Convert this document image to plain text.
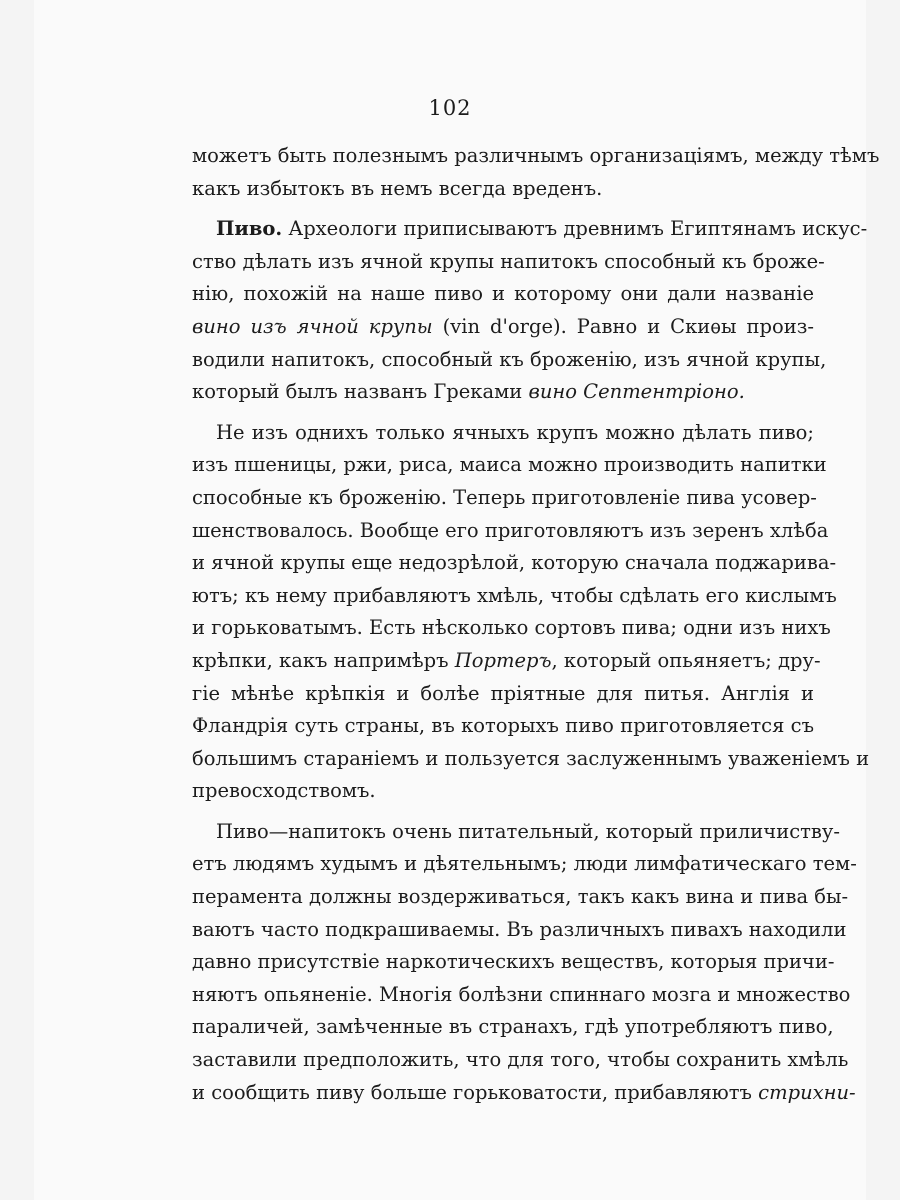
102
можетъ быть полезнымъ различнымъ организаціямъ, между тѣмъ
какъ избытокъ въ немъ всегда вреденъ.
Пиво. Археологи приписываютъ древнимъ Египтянамъ искус-
ство дѣлать изъ ячной крупы напитокъ способный къ броже-
нію, похожій на наше пиво и которому они дали названіе
вино изъ ячной крупы (vin d'orge). Равно и Скиѳы произ-
водили напитокъ, способный къ броженію, изъ ячной крупы,
который былъ названъ Греками вино Септентріоно.
Не изъ однихъ только ячныхъ крупъ можно дѣлать пиво;
изъ пшеницы, ржи, риса, маиса можно производить напитки
способные къ броженію. Теперь приготовленіе пива усовер-
шенствовалось. Вообще его приготовляютъ изъ зеренъ хлѣба
и ячной крупы еще недозрѣлой, которую сначала поджарива-
ютъ; къ нему прибавляютъ хмѣль, чтобы сдѣлать его кислымъ
и горьковатымъ. Есть нѣсколько сортовъ пива; одни изъ нихъ
крѣпки, какъ напримѣръ Портеръ, который опьяняетъ; дру-
гіе мѣнѣе крѣпкія и болѣе пріятные для питья. Англія и
Фландрія суть страны, въ которыхъ пиво приготовляется съ
большимъ стараніемъ и пользуется заслуженнымъ уваженіемъ и
превосходствомъ.
Пиво—напитокъ очень питательный, который приличиству-
етъ людямъ худымъ и дѣятельнымъ; люди лимфатическаго тем-
перамента должны воздерживаться, такъ какъ вина и пива бы-
ваютъ часто подкрашиваемы. Въ различныхъ пивахъ находили
давно присутствіе наркотическихъ веществъ, которыя причи-
няютъ опьяненіе. Многія болѣзни спиннаго мозга и множество
параличей, замѣченные въ странахъ, гдѣ употребляютъ пиво,
заставили предположить, что для того, чтобы сохранить хмѣль
и сообщить пиву больше горьковатости, прибавляютъ стрихни-
